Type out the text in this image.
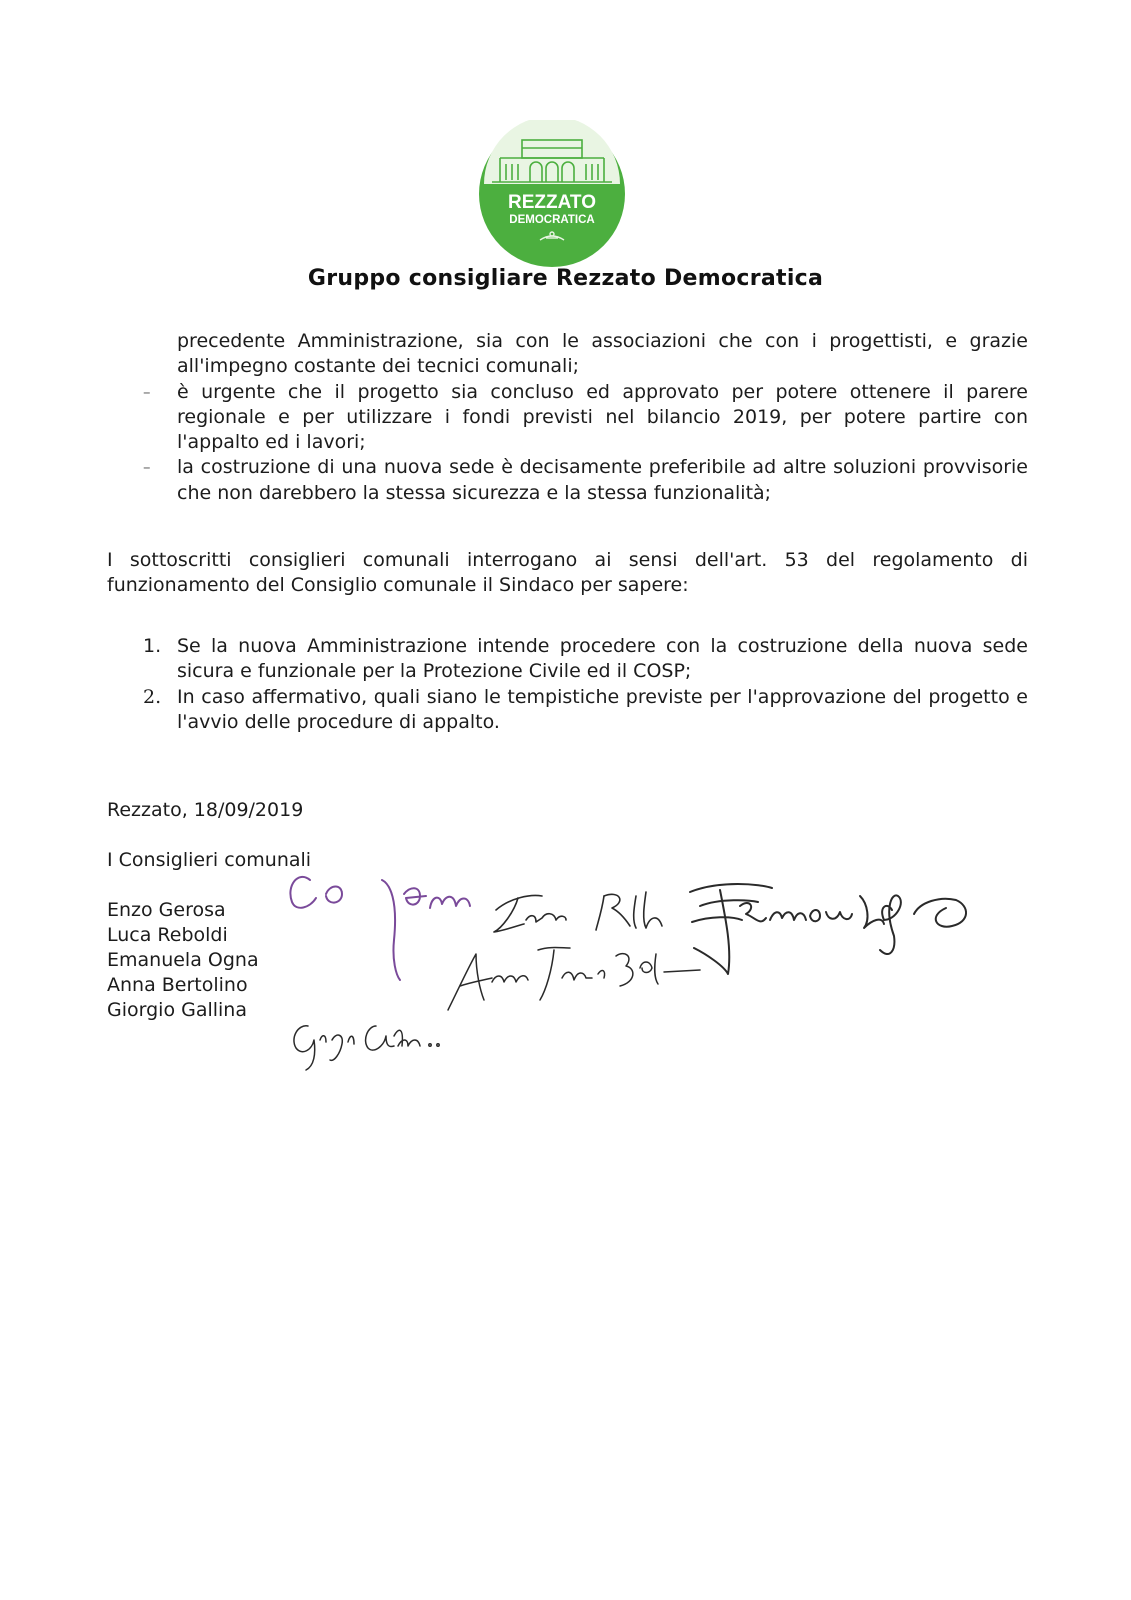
REZZATO
DEMOCRATICA
Gruppo consigliare Rezzato Democratica
precedente Amministrazione, sia con le associazioni che con i progettisti, e grazie all'impegno costante dei tecnici comunali;
– è urgente che il progetto sia concluso ed approvato per potere ottenere il parere regionale e per utilizzare i fondi previsti nel bilancio 2019, per potere partire con l'appalto ed i lavori;
– la costruzione di una nuova sede è decisamente preferibile ad altre soluzioni provvisorie che non darebbero la stessa sicurezza e la stessa funzionalità;
I sottoscritti consiglieri comunali interrogano ai sensi dell'art. 53 del regolamento di funzionamento del Consiglio comunale il Sindaco per sapere:
1. Se la nuova Amministrazione intende procedere con la costruzione della nuova sede sicura e funzionale per la Protezione Civile ed il COSP;
2. In caso affermativo, quali siano le tempistiche previste per l'approvazione del progetto e l'avvio delle procedure di appalto.
Rezzato, 18/09/2019
I Consiglieri comunali
Enzo Gerosa
Luca Reboldi
Emanuela Ogna
Anna Bertolino
Giorgio Gallina
